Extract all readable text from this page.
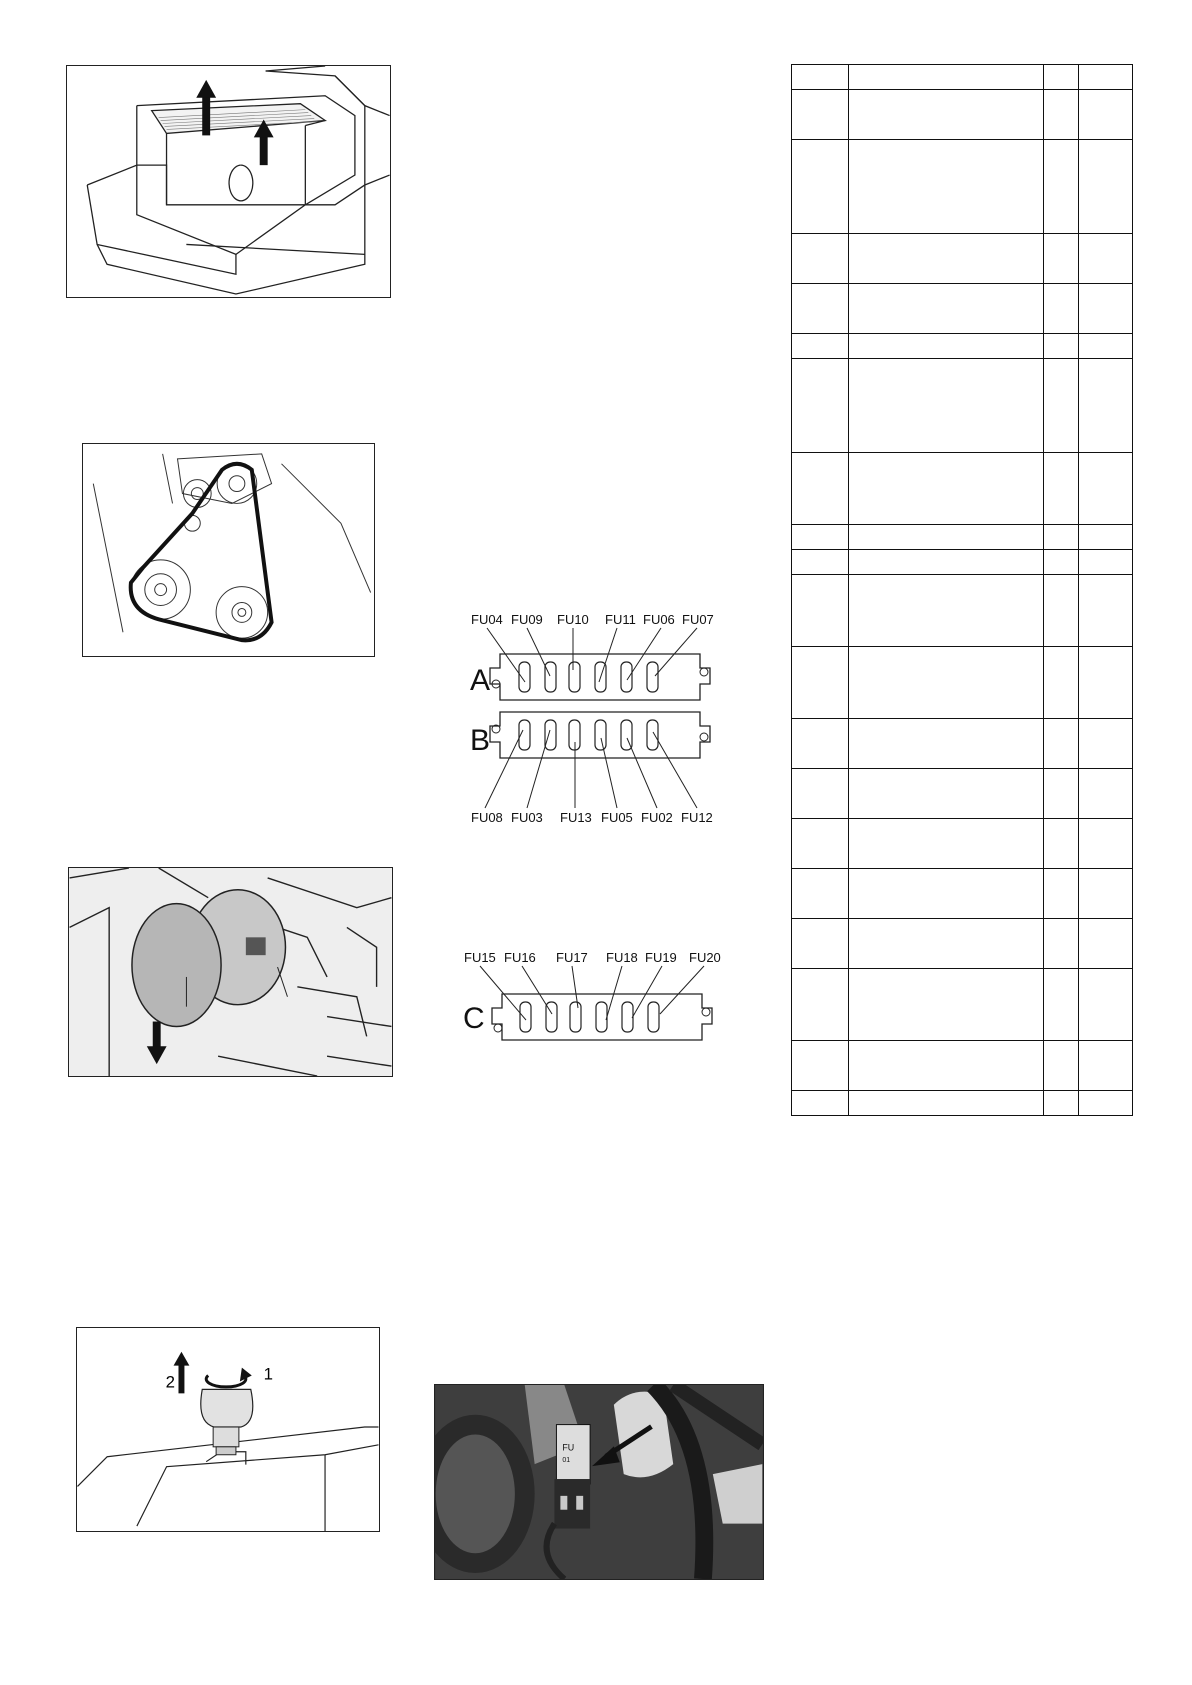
2	1
FU04 FU09 FU10 FU11 FU06 FU07
A
B
FU08 FU03 FU13 FU05 FU02 FU12
FU15 FU16 FU17 FU18 FU19 FU20
C
FU
01
